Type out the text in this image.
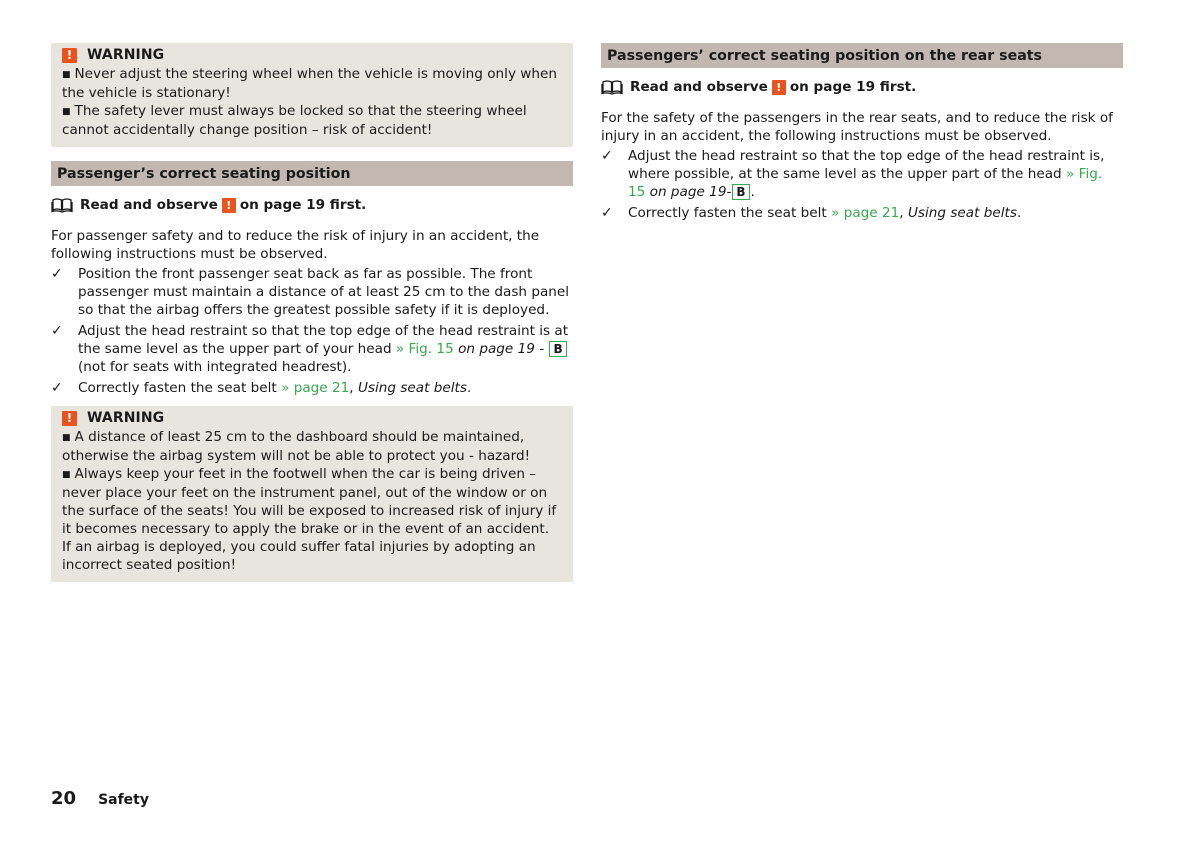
!	WARNING

■ Never adjust the steering wheel when the vehicle is moving only when the vehicle is stationary!

■ The safety lever must always be locked so that the steering wheel cannot accidentally change position – risk of accident!

Passenger’s correct seating position
Read and observe ! on page 19 first.

For passenger safety and to reduce the risk of injury in an accident, the following instructions must be observed.

✓ Position the front passenger seat back as far as possible. The front passenger must maintain a distance of at least 25 cm to the dash panel so that the airbag offers the greatest possible safety if it is deployed.
✓ Adjust the head restraint so that the top edge of the head restraint is at the same level as the upper part of your head » Fig. 15 on page 19 - B (not for seats with integrated headrest).
✓ Correctly fasten the seat belt » page 21, Using seat belts.
!	WARNING

■ A distance of least 25 cm to the dashboard should be maintained, otherwise the airbag system will not be able to protect you - hazard!

■ Always keep your feet in the footwell when the car is being driven – never place your feet on the instrument panel, out of the window or on the surface of the seats! You will be exposed to increased risk of injury if it becomes necessary to apply the brake or in the event of an accident. If an airbag is deployed, you could suffer fatal injuries by adopting an incorrect seated position!

Passengers’ correct seating position on the rear seats
Read and observe ! on page 19 first.

For the safety of the passengers in the rear seats, and to reduce the risk of injury in an accident, the following instructions must be observed.

✓ Adjust the head restraint so that the top edge of the head restraint is, where possible, at the same level as the upper part of the head » Fig. 15 on page 19- B .
✓ Correctly fasten the seat belt » page 21, Using seat belts.
20 Safety
